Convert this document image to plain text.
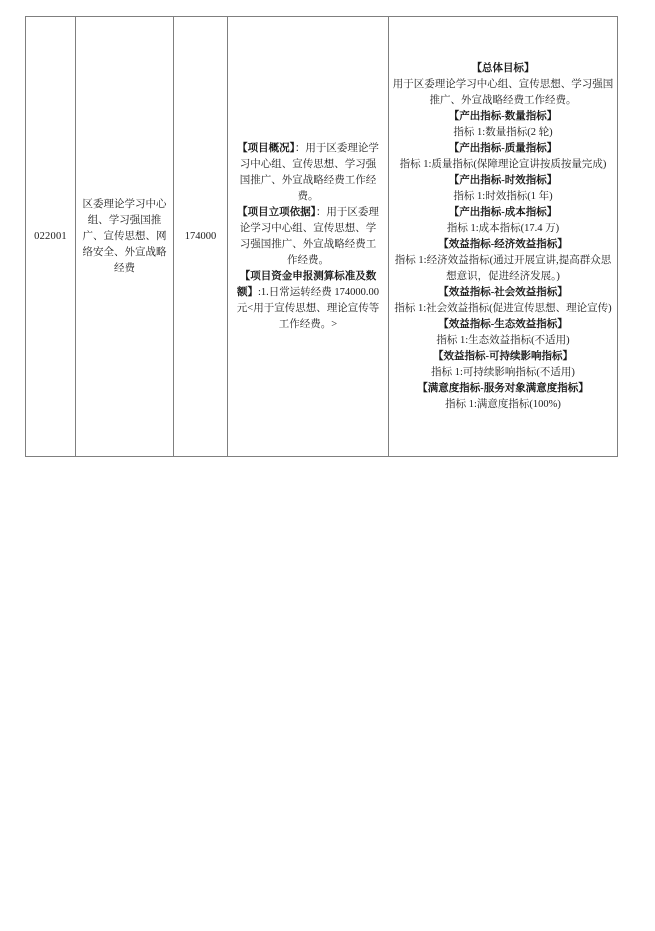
022001
区委理论学习中心组、学习强国推广、宣传思想、网络安全、外宣战略经费
174000
【项目概况】：用于区委理论学习中心组、宣传思想、学习强国推广、外宣战略经费工作经费。
【项目立项依据】：用于区委理论学习中心组、宣传思想、学习强国推广、外宣战略经费工作经费。
【项目资金申报测算标准及数额】:1.日常运转经费 174000.00元<用于宣传思想、理论宣传等工作经费。>
【总体目标】
用于区委理论学习中心组、宣传思想、学习强国推广、外宣战略经费工作经费。
【产出指标-数量指标】
指标 1:数量指标(2 轮)
【产出指标-质量指标】
指标 1:质量指标(保障理论宣讲按质按量完成)
【产出指标-时效指标】
指标 1:时效指标(1 年)
【产出指标-成本指标】
指标 1:成本指标(17.4 万)
【效益指标-经济效益指标】
指标 1:经济效益指标(通过开展宣讲,提高群众思想意识，促进经济发展。)
【效益指标-社会效益指标】
指标 1:社会效益指标(促进宣传思想、理论宣传)
【效益指标-生态效益指标】
指标 1:生态效益指标(不适用)
【效益指标-可持续影响指标】
指标 1:可持续影响指标(不适用)
【满意度指标-服务对象满意度指标】
指标 1:满意度指标(100%)
